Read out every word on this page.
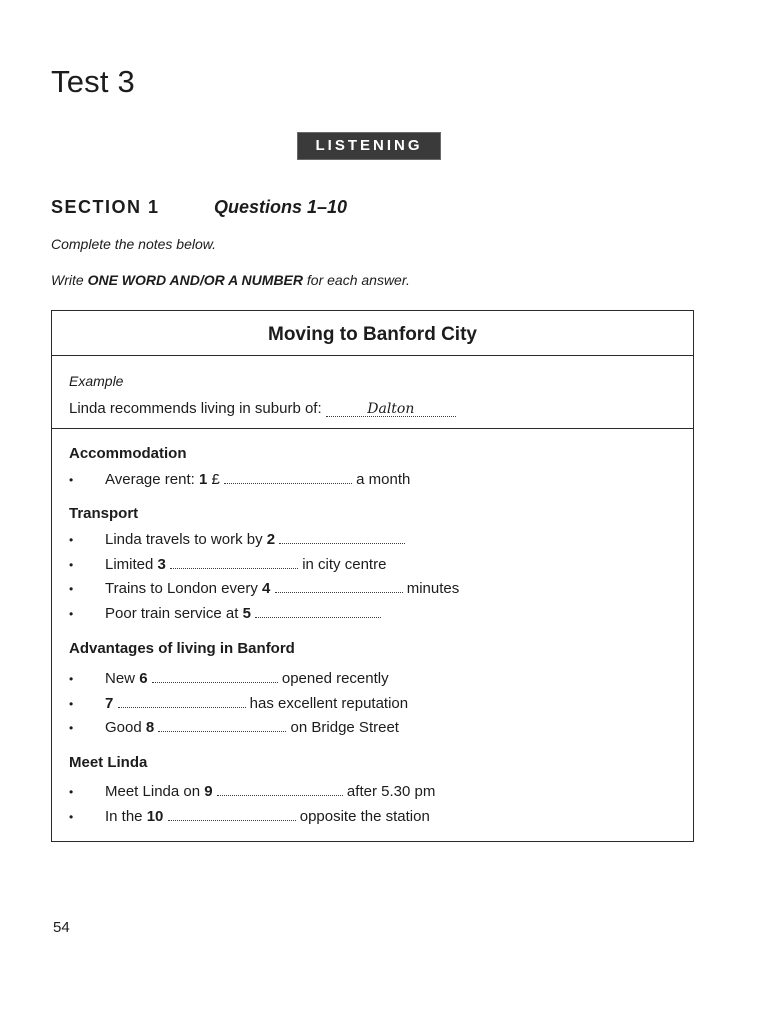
Test 3
LISTENING
SECTION 1	Questions 1–10
Complete the notes below.
Write ONE WORD AND/OR A NUMBER for each answer.
Moving to Banford City
Example
Linda recommends living in suburb of:	Dalton
Accommodation
• Average rent: 1 £	a month
Transport
• Linda travels to work by 2
• Limited 3	in city centre
• Trains to London every 4	minutes
• Poor train service at 5
Advantages of living in Banford
• New 6	opened recently
• 7	has excellent reputation
• Good 8	on Bridge Street
Meet Linda
• Meet Linda on 9	after 5.30 pm
• In the 10	opposite the station
54
